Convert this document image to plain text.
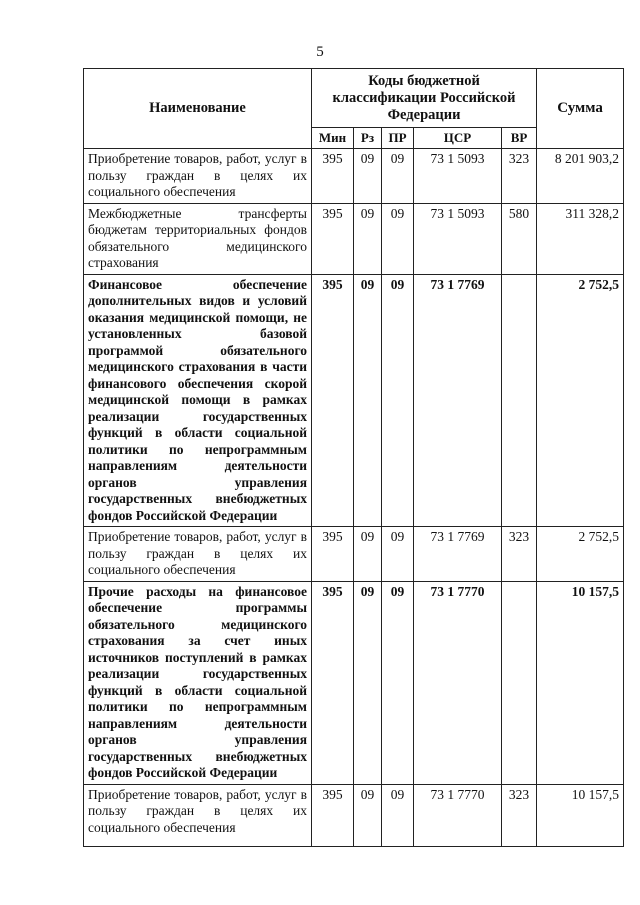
5
Наименование	Коды бюджетной классификации Российской Федерации					Сумма
	Мин	Рз	ПР	ЦСР	ВР	
Приобретение товаров, работ, услуг в пользу граждан в целях их социального обеспечения	395	09	09	73 1 5093	323	8 201 903,2
Межбюджетные трансферты бюджетам территориальных фондов обязательного медицинского страхования	395	09	09	73 1 5093	580	311 328,2
Финансовое обеспечение дополнительных видов и условий оказания медицинской помощи, не установленных базовой программой обязательного медицинского страхования в части финансового обеспечения скорой медицинской помощи в рамках реализации государственных функций в области социальной политики по непрограммным направлениям деятельности органов управления государственных внебюджетных фондов Российской Федерации	395	09	09	73 1 7769		2 752,5
Приобретение товаров, работ, услуг в пользу граждан в целях их социального обеспечения	395	09	09	73 1 7769	323	2 752,5
Прочие расходы на финансовое обеспечение программы обязательного медицинского страхования за счет иных источников поступлений в рамках реализации государственных функций в области социальной политики по непрограммным направлениям деятельности органов управления государственных внебюджетных фондов Российской Федерации	395	09	09	73 1 7770		10 157,5
Приобретение товаров, работ, услуг в пользу граждан в целях их социального обеспечения	395	09	09	73 1 7770	323	10 157,5
